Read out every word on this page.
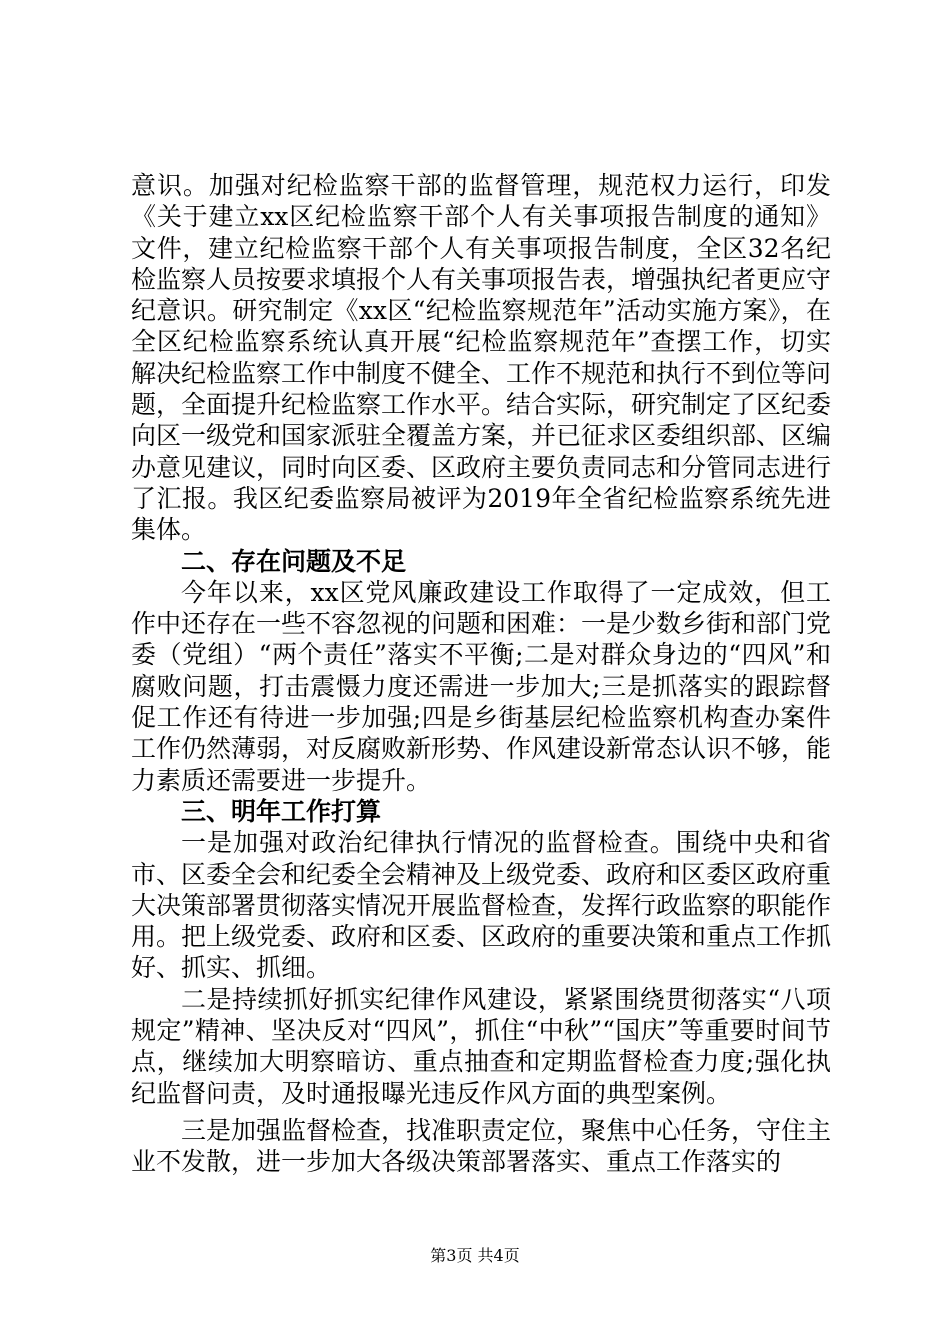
意识。加强对纪检监察干部的监督管理，规范权力运行，印发《关于建立xx区纪检监察干部个人有关事项报告制度的通知》文件，建立纪检监察干部个人有关事项报告制度，全区32名纪检监察人员按要求填报个人有关事项报告表，增强执纪者更应守纪意识。研究制定《xx区“纪检监察规范年”活动实施方案》，在全区纪检监察系统认真开展“纪检监察规范年”查摆工作，切实解决纪检监察工作中制度不健全、工作不规范和执行不到位等问题，全面提升纪检监察工作水平。结合实际，研究制定了区纪委向区一级党和国家派驻全覆盖方案，并已征求区委组织部、区编办意见建议，同时向区委、区政府主要负责同志和分管同志进行了汇报。我区纪委监察局被评为2019年全省纪检监察系统先进集体。

二、存在问题及不足

今年以来，xx区党风廉政建设工作取得了一定成效，但工作中还存在一些不容忽视的问题和困难：一是少数乡街和部门党委（党组）“两个责任”落实不平衡;二是对群众身边的“四风”和腐败问题，打击震慑力度还需进一步加大;三是抓落实的跟踪督促工作还有待进一步加强;四是乡街基层纪检监察机构查办案件工作仍然薄弱，对反腐败新形势、作风建设新常态认识不够，能力素质还需要进一步提升。

三、明年工作打算

一是加强对政治纪律执行情况的监督检查。围绕中央和省市、区委全会和纪委全会精神及上级党委、政府和区委区政府重大决策部署贯彻落实情况开展监督检查，发挥行政监察的职能作用。把上级党委、政府和区委、区政府的重要决策和重点工作抓好、抓实、抓细。

二是持续抓好抓实纪律作风建设，紧紧围绕贯彻落实“八项规定”精神、坚决反对“四风”，抓住“中秋”“国庆”等重要时间节点，继续加大明察暗访、重点抽查和定期监督检查力度;强化执纪监督问责，及时通报曝光违反作风方面的典型案例。

三是加强监督检查，找准职责定位，聚焦中心任务，守住主业不发散，进一步加大各级决策部署落实、重点工作落实的

第3页 共4页
